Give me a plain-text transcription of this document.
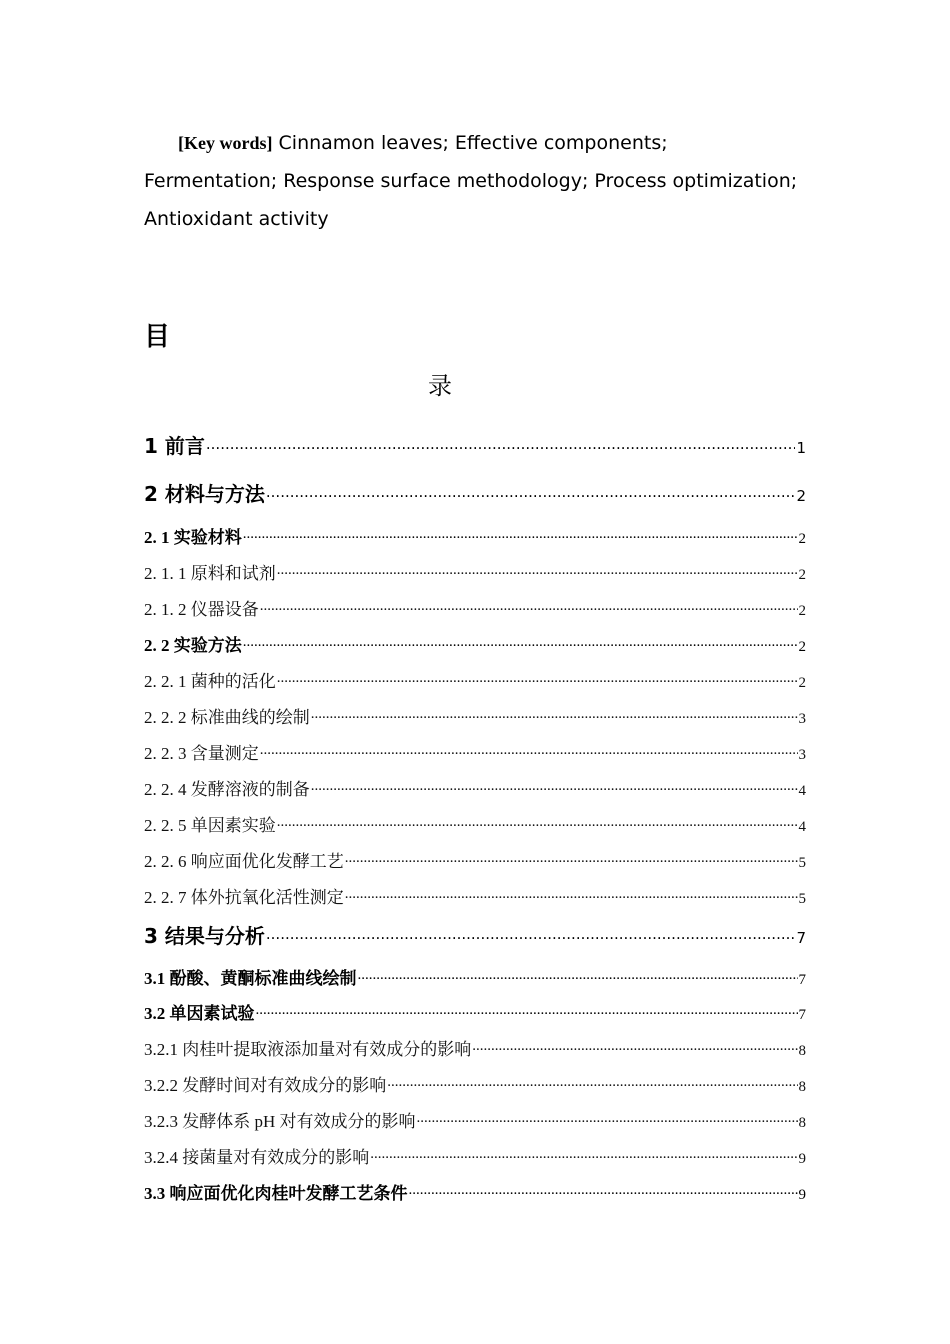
[Key words] Cinnamon leaves; Effective components; Fermentation; Response surface methodology; Process optimization; Antioxidant activity
目
录
1 前言 .....	1
2 材料与方法 .....	2
2. 1 实验材料 .....	2
2. 1. 1 原料和试剂 .....	2
2. 1. 2 仪器设备 .....	2
2. 2 实验方法 .....	2
2. 2. 1 菌种的活化 .....	2
2. 2. 2 标准曲线的绘制 .....	3
2. 2. 3 含量测定 .....	3
2. 2. 4 发酵溶液的制备 .....	4
2. 2. 5 单因素实验 .....	4
2. 2. 6 响应面优化发酵工艺 .....	5
2. 2. 7 体外抗氧化活性测定 .....	5
3 结果与分析 .....	7
3.1 酚酸、黄酮标准曲线绘制 .....	7
3.2 单因素试验 .....	7
3.2.1 肉桂叶提取液添加量对有效成分的影响 .....	8
3.2.2 发酵时间对有效成分的影响 .....	8
3.2.3 发酵体系 pH 对有效成分的影响 .....	8
3.2.4 接菌量对有效成分的影响 .....	9
3.3 响应面优化肉桂叶发酵工艺条件 .....	9
